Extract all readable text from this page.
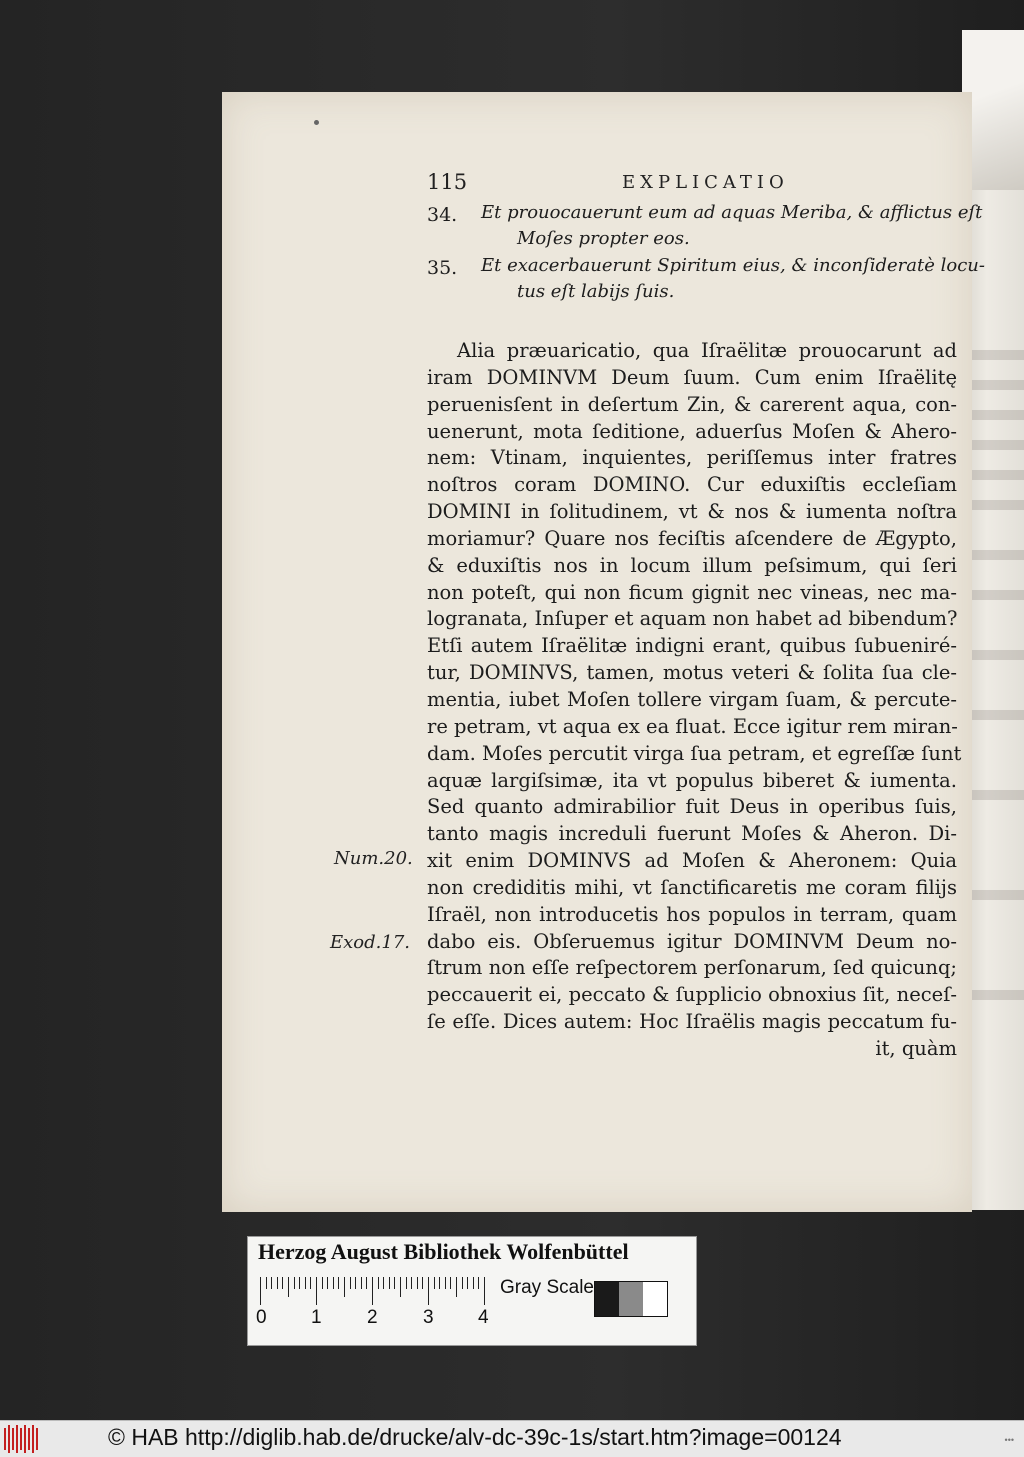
115	EXPLICATIO
34. Et prouocauerunt eum ad aquas Meriba, & afflictus eſt
Moſes propter eos.
35. Et exacerbauerunt Spiritum eius, & inconſideratè locu-
tus eſt labijs ſuis.
Alia præuaricatio, qua Iſraëlitæ prouocarunt ad
iram DOMINVM Deum ſuum. Cum enim Iſraëlitę
peruenisſent in deſertum Zin, & carerent aqua, con-
uenerunt, mota ſeditione, aduerſus Moſen & Ahero-
nem: Vtinam, inquientes, periſſemus inter fratres
noſtros coram DOMINO. Cur eduxiſtis eccleſiam
DOMINI in ſolitudinem, vt & nos & iumenta noſtra
moriamur? Quare nos feciſtis aſcendere de Ægypto,
& eduxiſtis nos in locum illum peſsimum, qui ſeri
non poteſt, qui non ficum gignit nec vineas, nec ma-
logranata, Inſuper et aquam non habet ad bibendum?
Etſi autem Iſraëlitæ indigni erant, quibus ſubueniré-
tur, DOMINVS, tamen, motus veteri & ſolita ſua cle-
mentia, iubet Moſen tollere virgam ſuam, & percute-
re petram, vt aqua ex ea fluat. Ecce igitur rem miran-
dam. Moſes percutit virga ſua petram, et egreſſæ ſunt
aquæ largiſsimæ, ita vt populus biberet & iumenta.
Sed quanto admirabilior fuit Deus in operibus ſuis,
tanto magis increduli fuerunt Moſes & Aheron. Di-
xit enim DOMINVS ad Moſen & Aheronem: Quia
non crediditis mihi, vt ſanctificaretis me coram filijs
Iſraël, non introducetis hos populos in terram, quam
dabo eis. Obſeruemus igitur DOMINVM Deum no-
ſtrum non eſſe reſpectorem perſonarum, ſed quicunq;
peccauerit ei, peccato & ſupplicio obnoxius ſit, neceſ-
ſe eſſe. Dices autem: Hoc Iſraëlis magis peccatum fu-
it, quàm
Num.20.
Exod.17.
Herzog August Bibliothek Wolfenbüttel
0 1 2 3 4
Gray Scale
© HAB http://diglib.hab.de/drucke/alv-dc-39c-1s/start.htm?image=00124	•••
